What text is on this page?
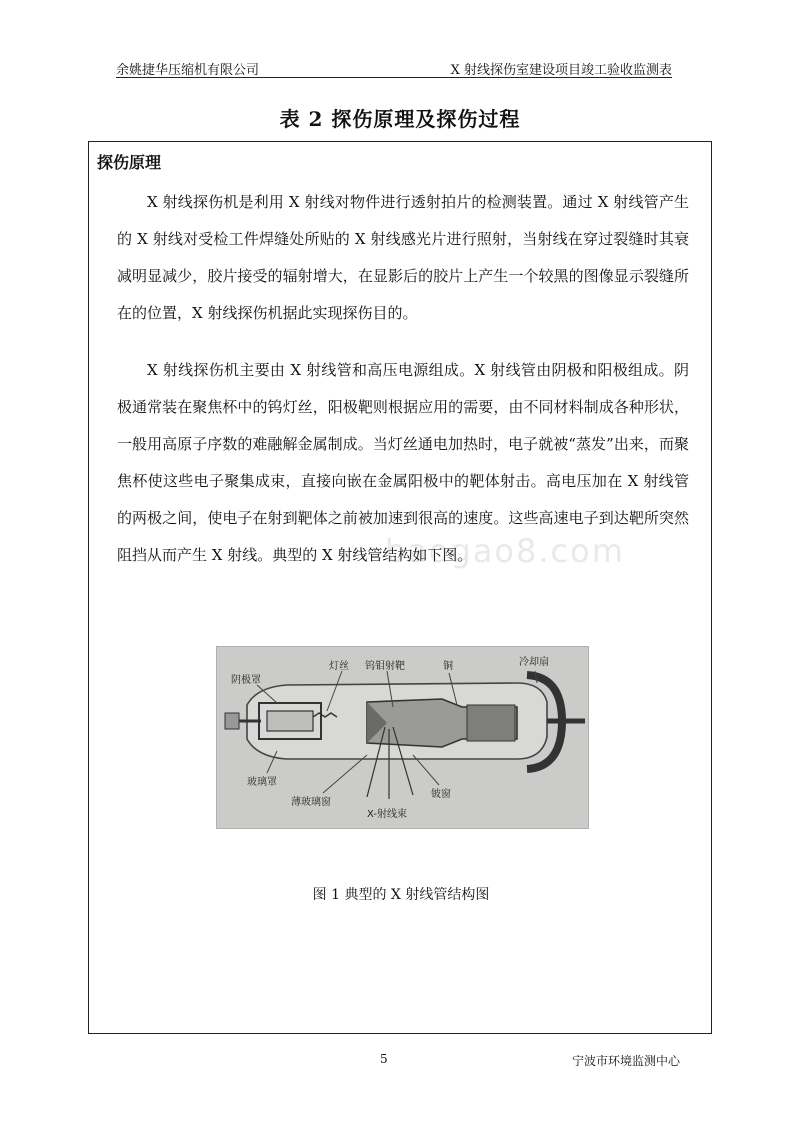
余姚捷华压缩机有限公司	X 射线探伤室建设项目竣工验收监测表
表 2 探伤原理及探伤过程
探伤原理
X 射线探伤机是利用 X 射线对物件进行透射拍片的检测装置。通过 X 射线管产生的 X 射线对受检工件焊缝处所贴的 X 射线感光片进行照射，当射线在穿过裂缝时其衰减明显减少，胶片接受的辐射增大，在显影后的胶片上产生一个较黑的图像显示裂缝所在的位置，X 射线探伤机据此实现探伤目的。
X 射线探伤机主要由 X 射线管和高压电源组成。X 射线管由阴极和阳极组成。阴极通常装在聚焦杯中的钨灯丝，阳极靶则根据应用的需要，由不同材料制成各种形状，一般用高原子序数的难融解金属制成。当灯丝通电加热时，电子就被“蒸发”出来，而聚焦杯使这些电子聚集成束，直接向嵌在金属阳极中的靶体射击。高电压加在 X 射线管的两极之间，使电子在射到靶体之前被加速到很高的速度。这些高速电子到达靶所突然阻挡从而产生 X 射线。典型的 X 射线管结构如下图。
baogao8.com
阴极罩
灯丝 钨钼射靶	铜	冷却扇
玻璃罩
薄玻璃窗
X-射线束
铍窗
图 1 典型的 X 射线管结构图
5	宁波市环境监测中心
